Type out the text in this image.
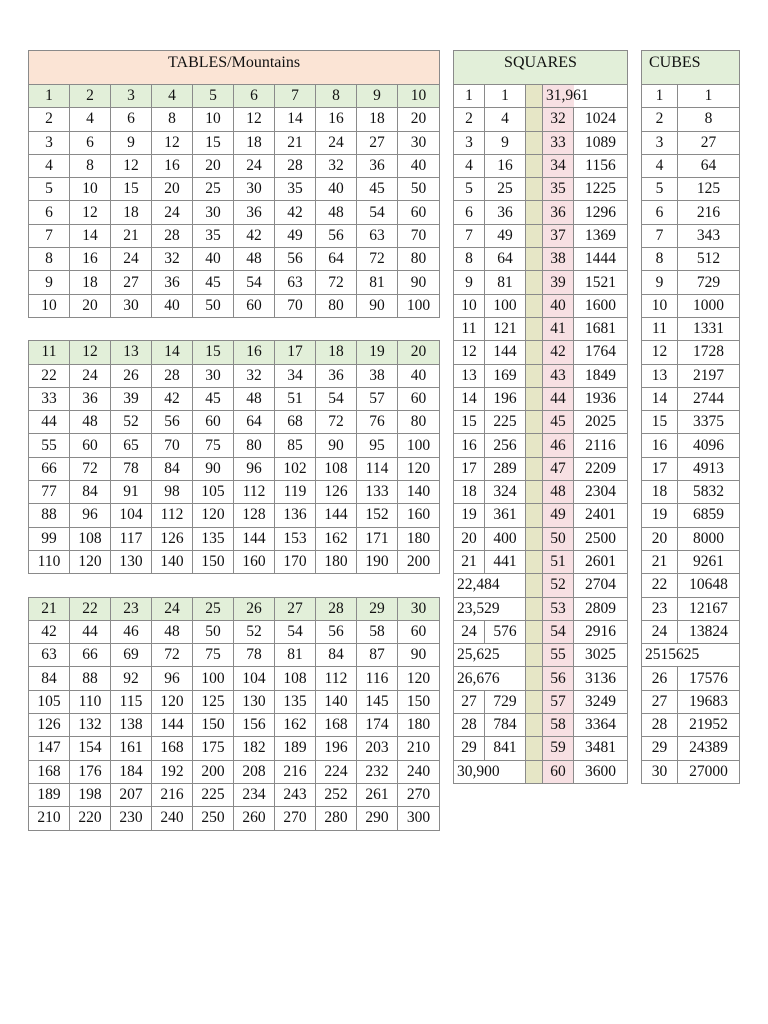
TABLES/Mountains									
1	2	3	4	5	6	7	8	9	10
2	4	6	8	10	12	14	16	18	20
3	6	9	12	15	18	21	24	27	30
4	8	12	16	20	24	28	32	36	40
5	10	15	20	25	30	35	40	45	50
6	12	18	24	30	36	42	48	54	60
7	14	21	28	35	42	49	56	63	70
8	16	24	32	40	48	56	64	72	80
9	18	27	36	45	54	63	72	81	90
10	20	30	40	50	60	70	80	90	100

11	12	13	14	15	16	17	18	19	20
22	24	26	28	30	32	34	36	38	40
33	36	39	42	45	48	51	54	57	60
44	48	52	56	60	64	68	72	76	80
55	60	65	70	75	80	85	90	95	100
66	72	78	84	90	96	102	108	114	120
77	84	91	98	105	112	119	126	133	140
88	96	104	112	120	128	136	144	152	160
99	108	117	126	135	144	153	162	171	180
110	120	130	140	150	160	170	180	190	200

21	22	23	24	25	26	27	28	29	30
42	44	46	48	50	52	54	56	58	60
63	66	69	72	75	78	81	84	87	90
84	88	92	96	100	104	108	112	116	120
105	110	115	120	125	130	135	140	145	150
126	132	138	144	150	156	162	168	174	180
147	154	161	168	175	182	189	196	203	210
168	176	184	192	200	208	216	224	232	240
189	198	207	216	225	234	243	252	261	270
210	220	230	240	250	260	270	280	290	300
SQUARES				
1	1		31,961	
2	4		32	1024
3	9		33	1089
4	16		34	1156
5	25		35	1225
6	36		36	1296
7	49		37	1369
8	64		38	1444
9	81		39	1521
10	100		40	1600
11	121		41	1681
12	144		42	1764
13	169		43	1849
14	196		44	1936
15	225		45	2025
16	256		46	2116
17	289		47	2209
18	324		48	2304
19	361		49	2401
20	400		50	2500
21	441		51	2601
22,484			52	2704
23,529			53	2809
24	576		54	2916
25,625			55	3025
26,676			56	3136
27	729		57	3249
28	784		58	3364
29	841		59	3481
30,900			60	3600
CUBES	
1	1
2	8
3	27
4	64
5	125
6	216
7	343
8	512
9	729
10	1000
11	1331
12	1728
13	2197
14	2744
15	3375
16	4096
17	4913
18	5832
19	6859
20	8000
21	9261
22	10648
23	12167
24	13824
2515625	
26	17576
27	19683
28	21952
29	24389
30	27000
